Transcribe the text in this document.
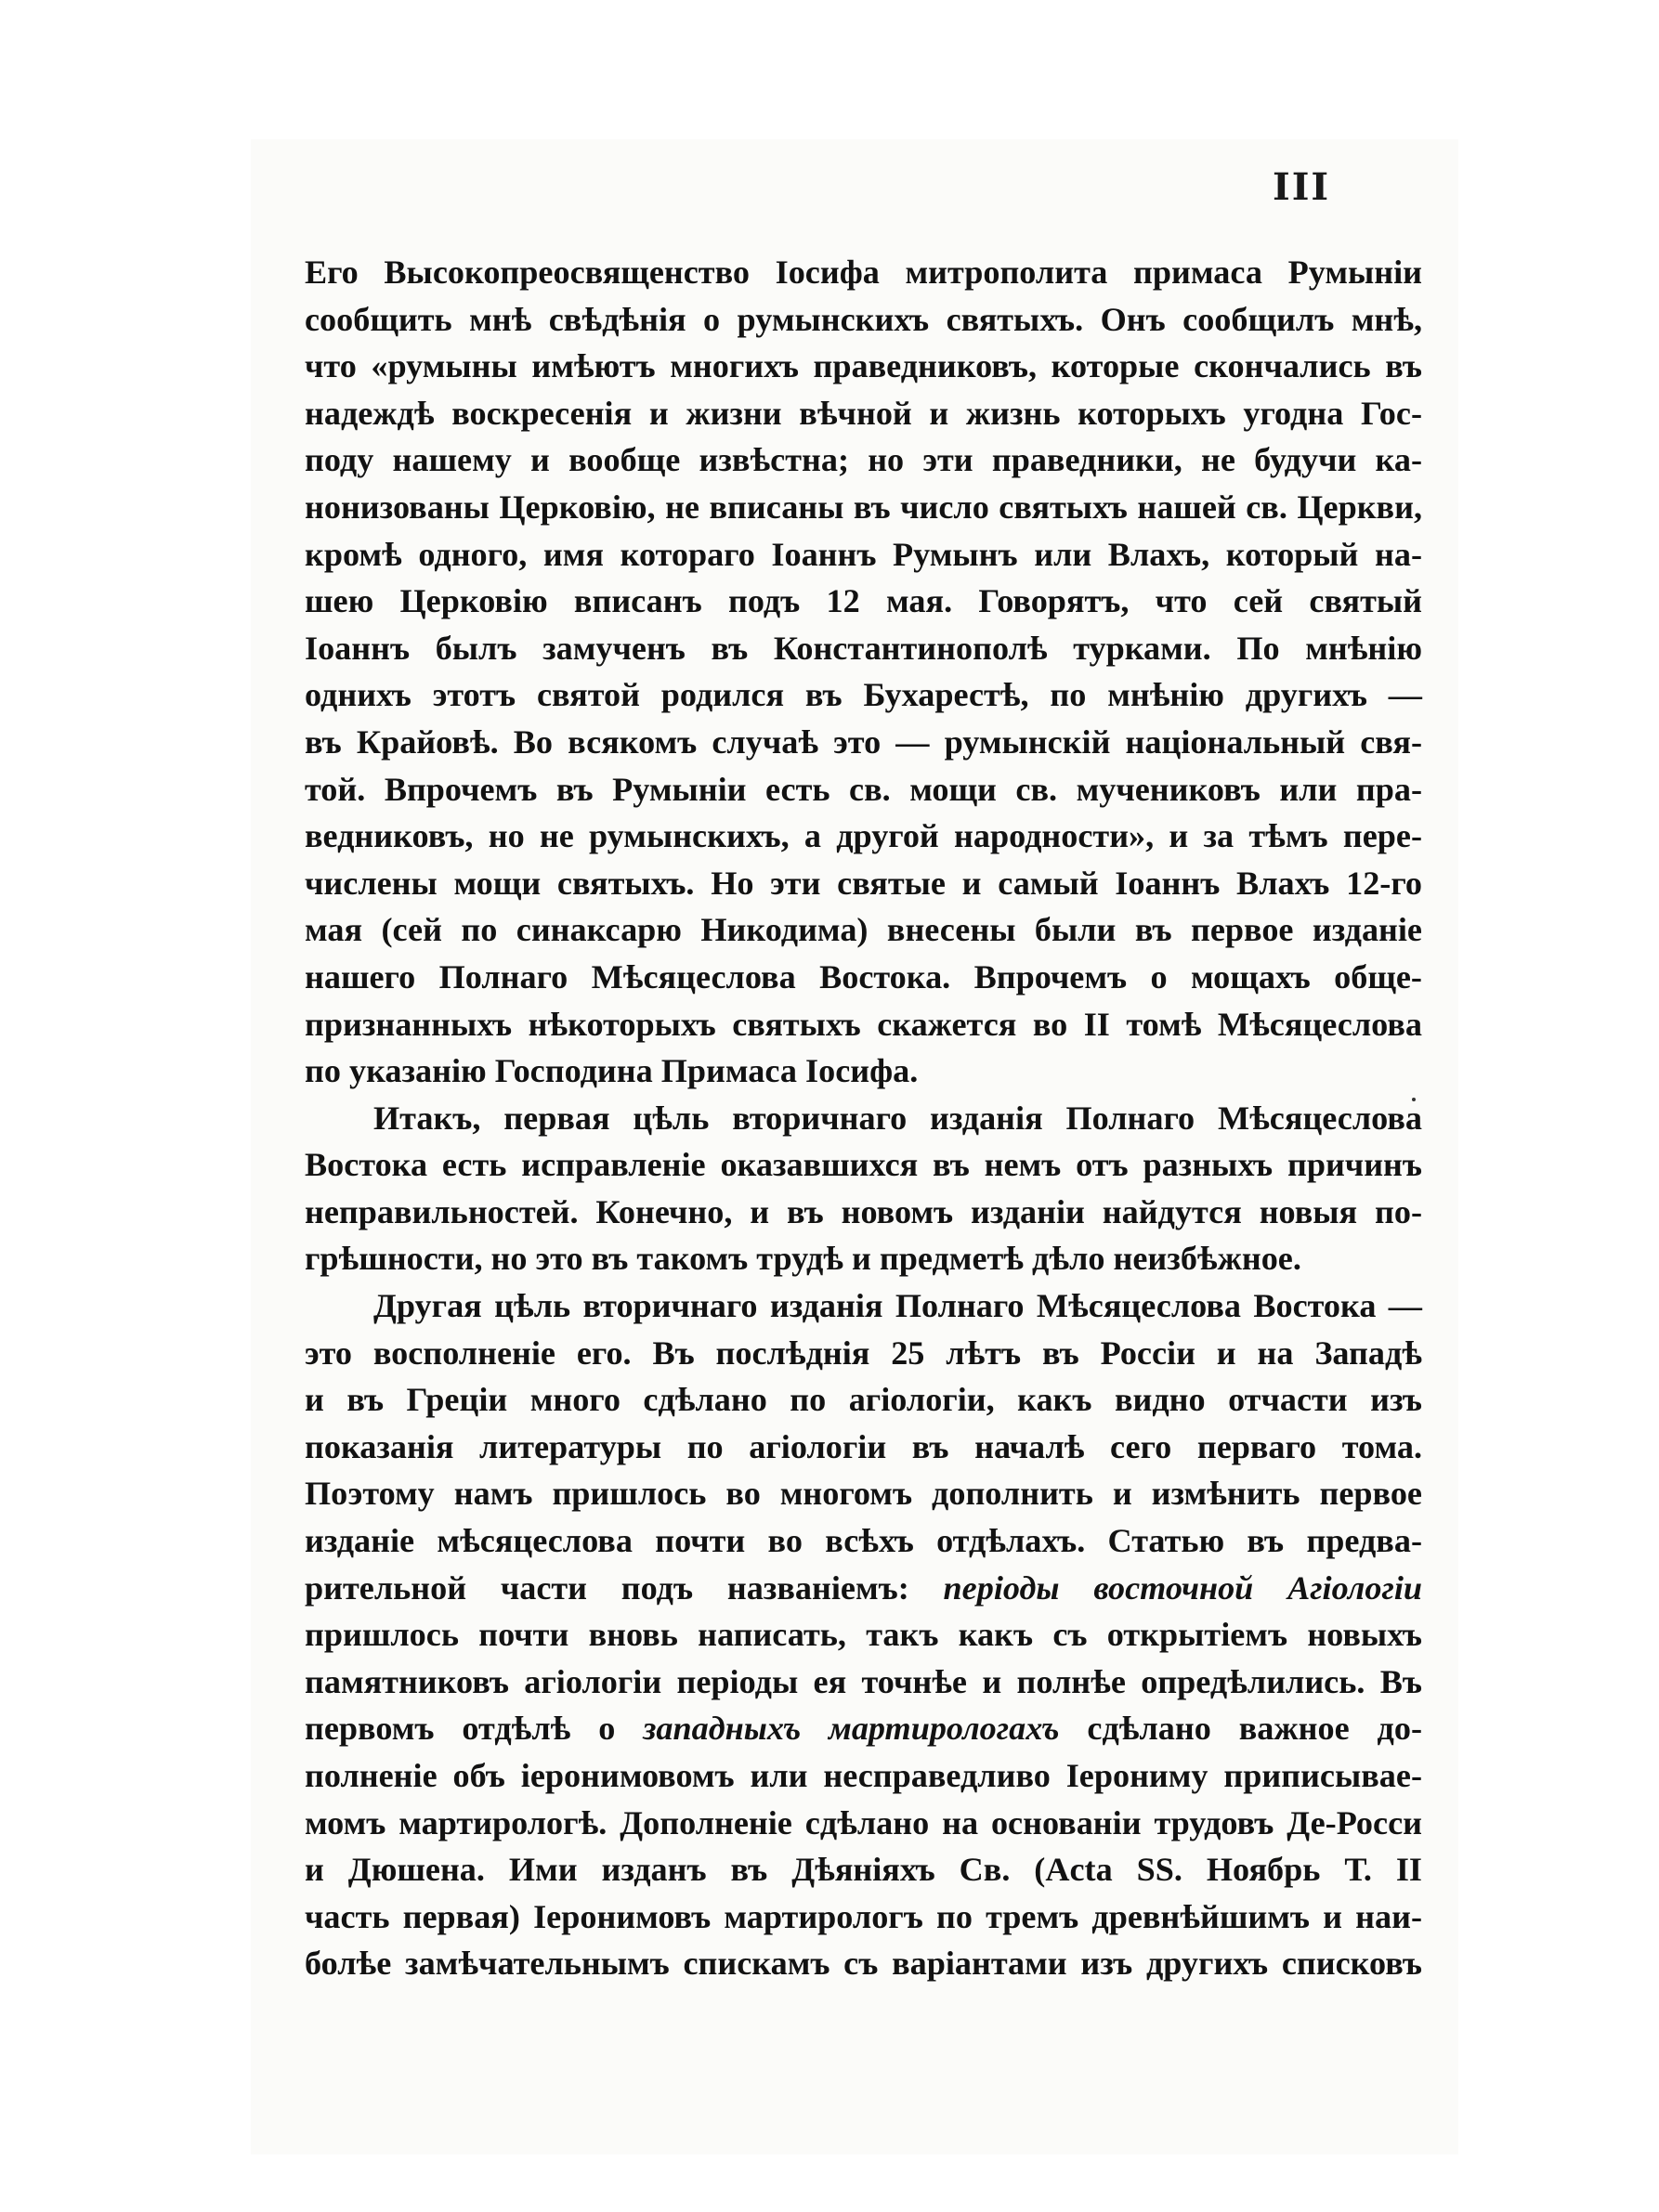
III
Его Высокопреосвященство Іосифа митрополита примаса Румыніи
сообщить мнѣ свѣдѣнія о румынскихъ святыхъ. Онъ сообщилъ мнѣ,
что «румыны имѣютъ многихъ праведниковъ, которые скончались въ
надеждѣ воскресенія и жизни вѣчной и жизнь которыхъ угодна Гос-
поду нашему и вообще извѣстна; но эти праведники, не будучи ка-
нонизованы Церковію, не вписаны въ число святыхъ нашей св. Церкви,
кромѣ одного, имя котораго Іоаннъ Румынъ или Влахъ, который на-
шею Церковію вписанъ подъ 12 мая. Говорятъ, что сей святый
Іоаннъ былъ замученъ въ Константинополѣ турками. По мнѣнію
однихъ этотъ святой родился въ Бухарестѣ, по мнѣнію другихъ —
въ Крайовѣ. Во всякомъ случаѣ это — румынскій національный свя-
той. Впрочемъ въ Румыніи есть св. мощи св. мучениковъ или пра-
ведниковъ, но не румынскихъ, а другой народности», и за тѣмъ пере-
числены мощи святыхъ. Но эти святые и самый Іоаннъ Влахъ 12-го
мая (сей по синаксарю Никодима) внесены были въ первое изданіе
нашего Полнаго Мѣсяцеслова Востока. Впрочемъ о мощахъ обще-
признанныхъ нѣкоторыхъ святыхъ скажется во II томѣ Мѣсяцеслова
по указанію Господина Примаса Іосифа.
Итакъ, первая цѣль вторичнаго изданія Полнаго Мѣсяцеслова
Востока есть исправленіе оказавшихся въ немъ отъ разныхъ причинъ
неправильностей. Конечно, и въ новомъ изданіи найдутся новыя по-
грѣшности, но это въ такомъ трудѣ и предметѣ дѣло неизбѣжное.
Другая цѣль вторичнаго изданія Полнаго Мѣсяцеслова Востока —
это восполненіе его. Въ послѣднія 25 лѣтъ въ Россіи и на Западѣ
и въ Греціи много сдѣлано по агіологіи, какъ видно отчасти изъ
показанія литературы по агіологіи въ началѣ сего перваго тома.
Поэтому намъ пришлось во многомъ дополнить и измѣнить первое
изданіе мѣсяцеслова почти во всѣхъ отдѣлахъ. Статью въ предва-
рительной части подъ названіемъ: періоды восточной Агіологіи
пришлось почти вновь написать, такъ какъ съ открытіемъ новыхъ
памятниковъ агіологіи періоды ея точнѣе и полнѣе опредѣлились. Въ
первомъ отдѣлѣ о западныхъ мартирологахъ сдѣлано важное до-
полненіе объ іеронимовомъ или несправедливо Іерониму приписывае-
момъ мартирологѣ. Дополненіе сдѣлано на основаніи трудовъ Де-Росси
и Дюшена. Ими изданъ въ Дѣяніяхъ Св. (Acta SS. Ноябрь Т. II
часть первая) Іеронимовъ мартирологъ по тремъ древнѣйшимъ и наи-
болѣе замѣчательнымъ спискамъ съ варіантами изъ другихъ списковъ
